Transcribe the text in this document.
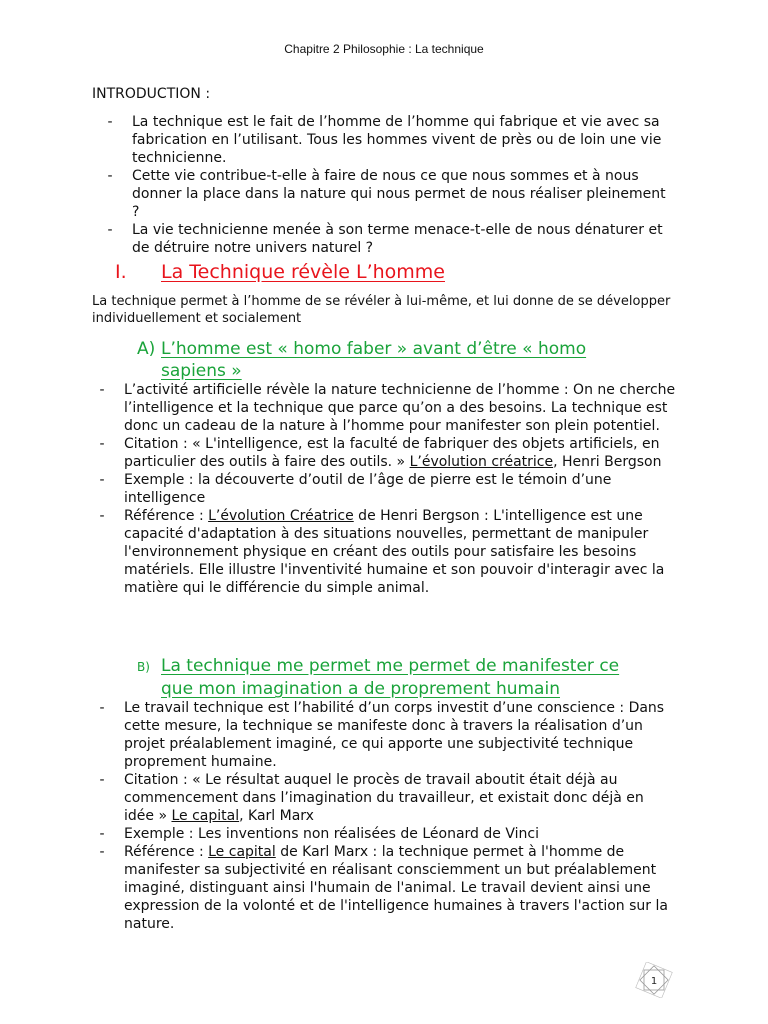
Chapitre 2 Philosophie : La technique
INTRODUCTION :
-	La technique est le fait de l’homme de l’homme qui fabrique et vie avec sa fabrication en l’utilisant. Tous les hommes vivent de près ou de loin une vie technicienne.
-	Cette vie contribue-t-elle à faire de nous ce que nous sommes et à nous donner la place dans la nature qui nous permet de nous réaliser pleinement ?
-	La vie technicienne menée à son terme menace-t-elle de nous dénaturer et de détruire notre univers naturel ?
I. La Technique révèle L’homme
La technique permet à l’homme de se révéler à lui-même, et lui donne de se développer individuellement et socialement
A) L’homme est « homo faber » avant d’être « homo
sapiens »
-	L’activité artificielle révèle la nature technicienne de l’homme : On ne cherche l’intelligence et la technique que parce qu’on a des besoins. La technique est donc un cadeau de la nature à l’homme pour manifester son plein potentiel.
-	Citation : « L'intelligence, est la faculté de fabriquer des objets artificiels, en particulier des outils à faire des outils. » L’évolution créatrice, Henri Bergson
-	Exemple : la découverte d’outil de l’âge de pierre est le témoin d’une intelligence
-	Référence : L’évolution Créatrice de Henri Bergson : L'intelligence est une capacité d'adaptation à des situations nouvelles, permettant de manipuler l'environnement physique en créant des outils pour satisfaire les besoins matériels. Elle illustre l'inventivité humaine et son pouvoir d'interagir avec la matière qui le différencie du simple animal.
B) La technique me permet me permet de manifester ce
que mon imagination a de proprement humain
-	Le travail technique est l’habilité d’un corps investit d’une conscience : Dans cette mesure, la technique se manifeste donc à travers la réalisation d’un projet préalablement imaginé, ce qui apporte une subjectivité technique proprement humaine.
-	Citation : « Le résultat auquel le procès de travail aboutit était déjà au commencement dans l’imagination du travailleur, et existait donc déjà en idée » Le capital, Karl Marx
-	Exemple : Les inventions non réalisées de Léonard de Vinci
-	Référence : Le capital de Karl Marx : la technique permet à l'homme de manifester sa subjectivité en réalisant consciemment un but préalablement imaginé, distinguant ainsi l'humain de l'animal. Le travail devient ainsi une expression de la volonté et de l'intelligence humaines à travers l'action sur la nature.
1
